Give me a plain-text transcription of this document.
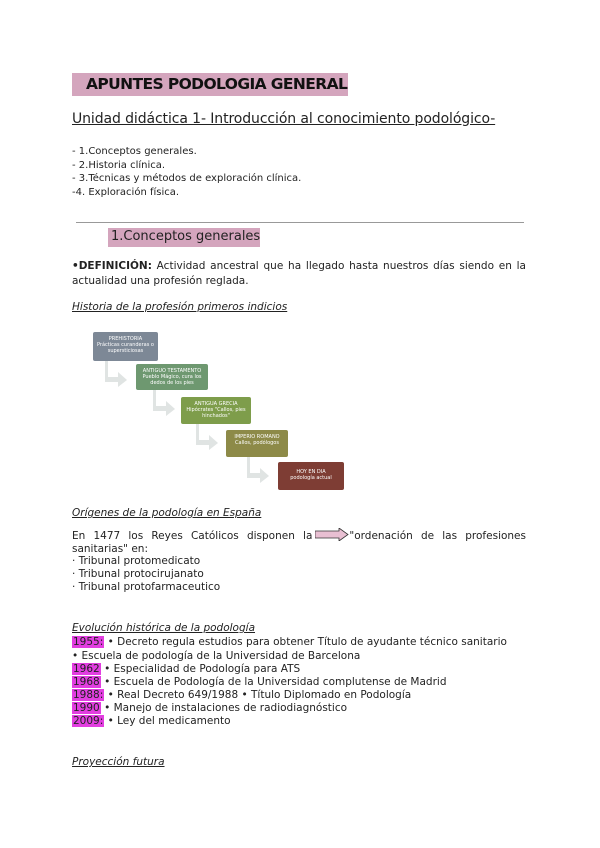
APUNTES PODOLOGIA GENERAL
Unidad didáctica 1- Introducción al conocimiento podológico-
- 1.Conceptos generales.
- 2.Historia clínica.
- 3.Técnicas y métodos de exploración clínica.
-4. Exploración física.
1.Conceptos generales
•DEFINICIÓN: Actividad ancestral que ha llegado hasta nuestros días siendo en la actualidad una profesión reglada.
Historia de la profesión primeros indicios
PREHISTORIA
Prácticas curanderas o supersticiosas
ANTIGUO TESTAMENTO
Pueblo Mágico, cura los dedos de los pies
ANTIGUA GRECIA
Hipócrates "Callos, pies hinchados"
IMPERIO ROMANO
Callos, podólogos
HOY EN DIA
podología actual
Orígenes de la podología en España
En 1477 los Reyes Católicos disponen la	"ordenación de las profesiones sanitarias" en:
· Tribunal protomedicato
· Tribunal protocirujanato
· Tribunal protofarmaceutico
Evolución histórica de la podología
1955: • Decreto regula estudios para obtener Título de ayudante técnico sanitario
• Escuela de podología de la Universidad de Barcelona
1962 • Especialidad de Podología para ATS
1968 • Escuela de Podología de la Universidad complutense de Madrid
1988: • Real Decreto 649/1988 • Título Diplomado en Podología
1990 • Manejo de instalaciones de radiodiagnóstico
2009: • Ley del medicamento
Proyección futura
